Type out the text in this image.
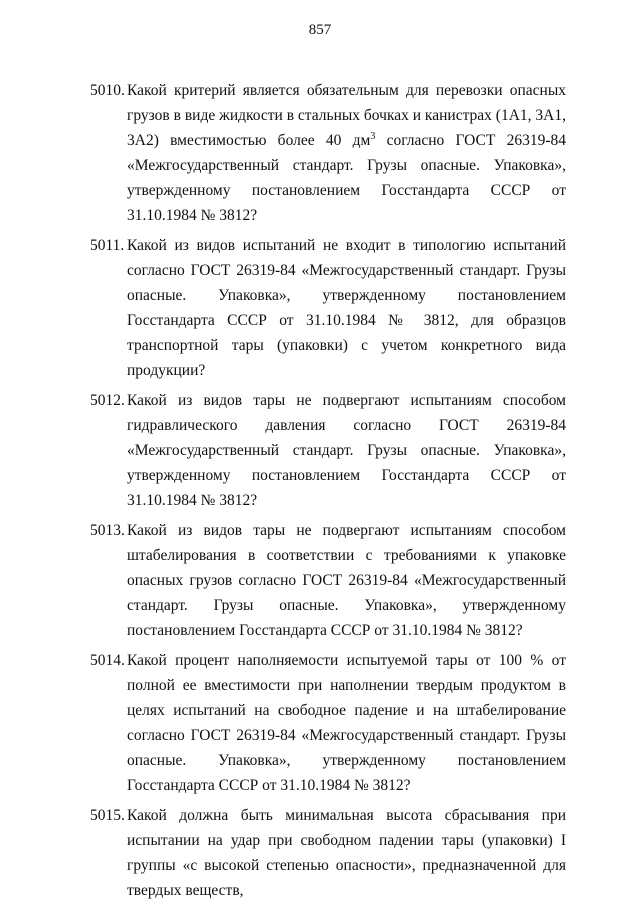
857
5010. Какой критерий является обязательным для перевозки опасных грузов в виде жидкости в стальных бочках и канистрах (1А1, 3А1, 3А2) вместимостью более 40 $дм^3$ согласно ГОСТ 26319-84 «Межгосударственный стандарт. Грузы опасные. Упаковка», утвержденному постановлением Госстандарта СССР от 31.10.1984 № 3812?
5011. Какой из видов испытаний не входит в типологию испытаний согласно ГОСТ 26319-84 «Межгосударственный стандарт. Грузы опасные. Упаковка», утвержденному постановлением Госстандарта СССР от 31.10.1984 № 3812, для образцов транспортной тары (упаковки) с учетом конкретного вида продукции?
5012. Какой из видов тары не подвергают испытаниям способом гидравлического давления согласно ГОСТ 26319-84 «Межгосударственный стандарт. Грузы опасные. Упаковка», утвержденному постановлением Госстандарта СССР от 31.10.1984 № 3812?
5013. Какой из видов тары не подвергают испытаниям способом штабелирования в соответствии с требованиями к упаковке опасных грузов согласно ГОСТ 26319-84 «Межгосударственный стандарт. Грузы опасные. Упаковка», утвержденному постановлением Госстандарта СССР от 31.10.1984 № 3812?
5014. Какой процент наполняемости испытуемой тары от 100 % от полной ее вместимости при наполнении твердым продуктом в целях испытаний на свободное падение и на штабелирование согласно ГОСТ 26319-84 «Межгосударственный стандарт. Грузы опасные. Упаковка», утвержденному постановлением Госстандарта СССР от 31.10.1984 № 3812?
5015. Какой должна быть минимальная высота сбрасывания при испытании на удар при свободном падении тары (упаковки) I группы «с высокой степенью опасности», предназначенной для твердых веществ,
